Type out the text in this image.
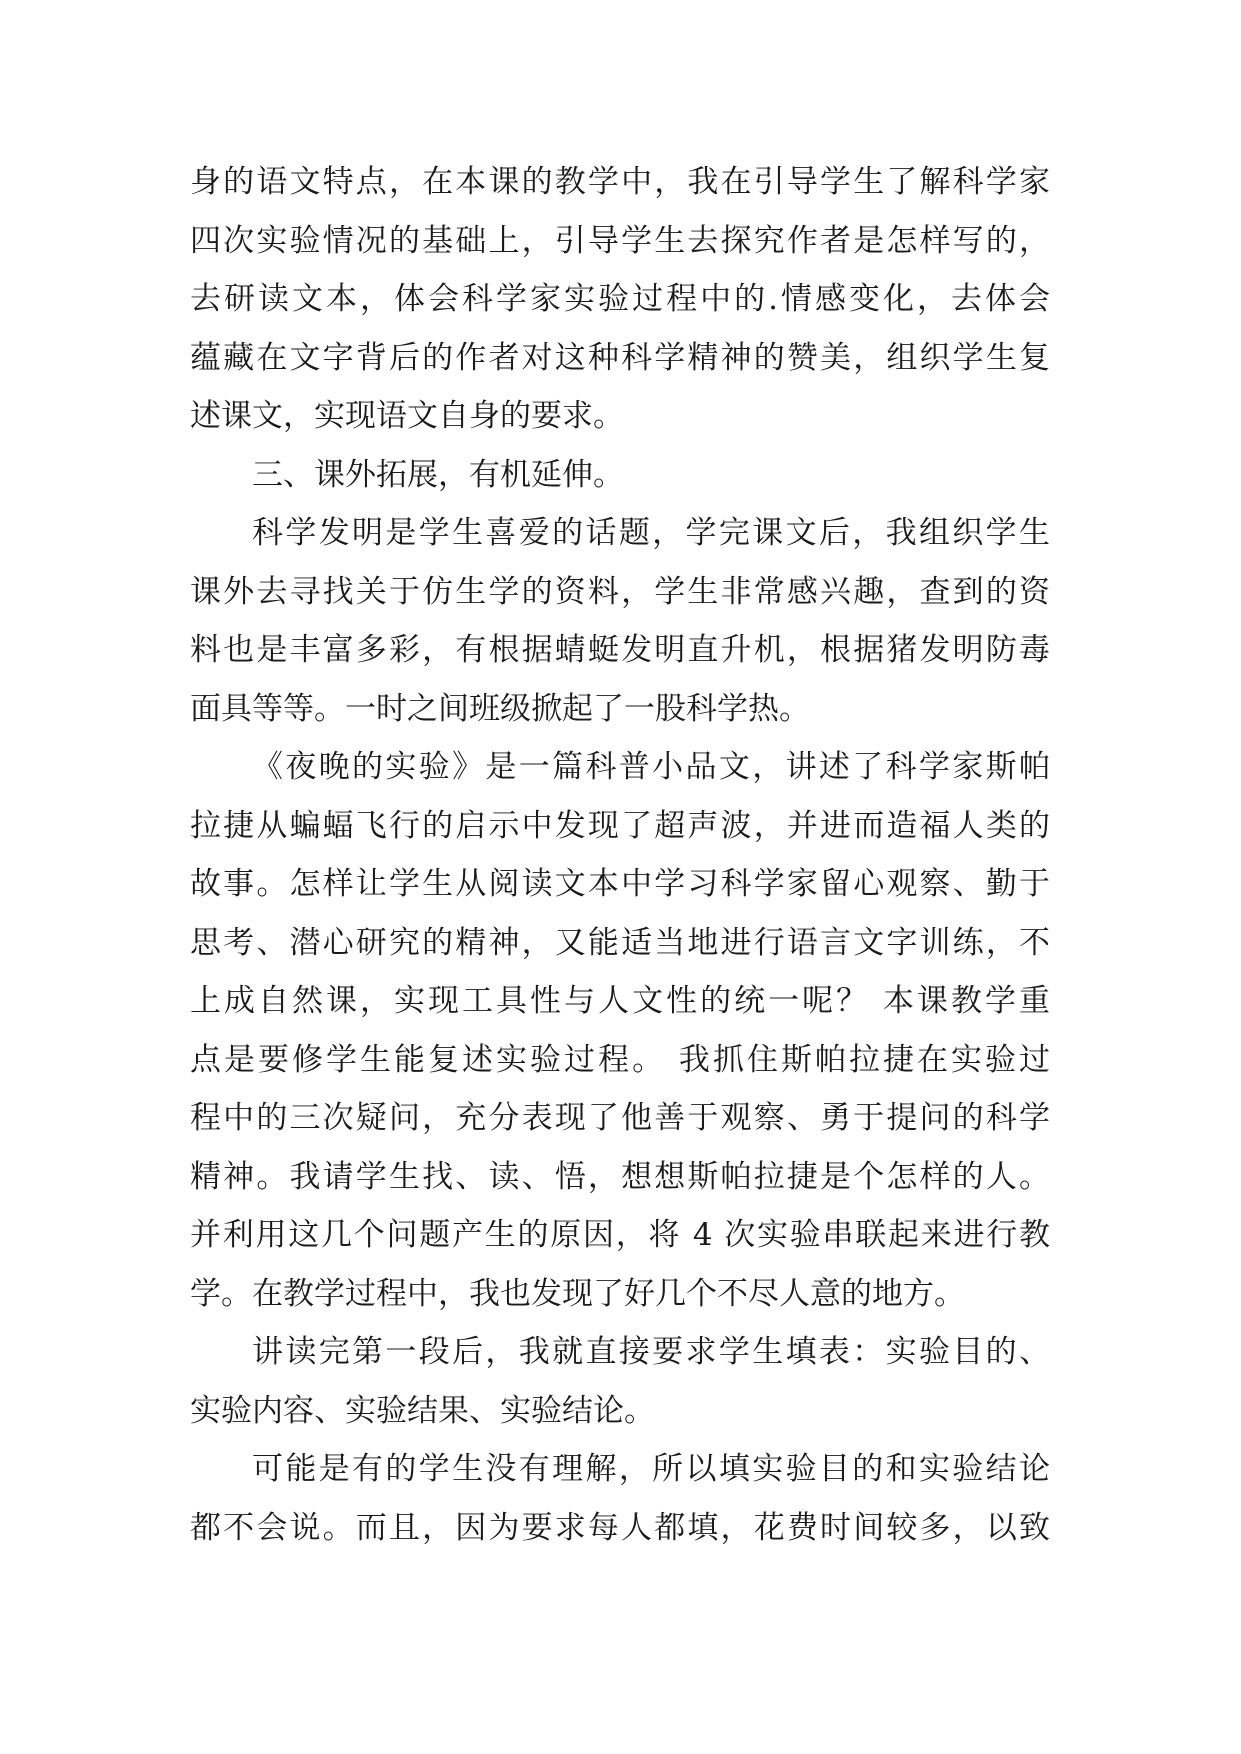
身的语文特点，在本课的教学中，我在引导学生了解科学家
四次实验情况的基础上，引导学生去探究作者是怎样写的，
去研读文本，体会科学家实验过程中的.情感变化，去体会
蕴藏在文字背后的作者对这种科学精神的赞美，组织学生复
述课文，实现语文自身的要求。
三、课外拓展，有机延伸。
科学发明是学生喜爱的话题，学完课文后，我组织学生
课外去寻找关于仿生学的资料，学生非常感兴趣，查到的资
料也是丰富多彩，有根据蜻蜓发明直升机，根据猪发明防毒
面具等等。一时之间班级掀起了一股科学热。
《夜晚的实验》是一篇科普小品文，讲述了科学家斯帕
拉捷从蝙蝠飞行的启示中发现了超声波，并进而造福人类的
故事。怎样让学生从阅读文本中学习科学家留心观察、勤于
思考、潜心研究的精神，又能适当地进行语言文字训练，不
上成自然课，实现工具性与人文性的统一呢？ 本课教学重
点是要修学生能复述实验过程。 我抓住斯帕拉捷在实验过
程中的三次疑问，充分表现了他善于观察、勇于提问的科学
精神。我请学生找、读、悟，想想斯帕拉捷是个怎样的人。
并利用这几个问题产生的原因，将 4 次实验串联起来进行教
学。在教学过程中，我也发现了好几个不尽人意的地方。
讲读完第一段后，我就直接要求学生填表：实验目的、
实验内容、实验结果、实验结论。
可能是有的学生没有理解，所以填实验目的和实验结论
都不会说。而且，因为要求每人都填，花费时间较多，以致
